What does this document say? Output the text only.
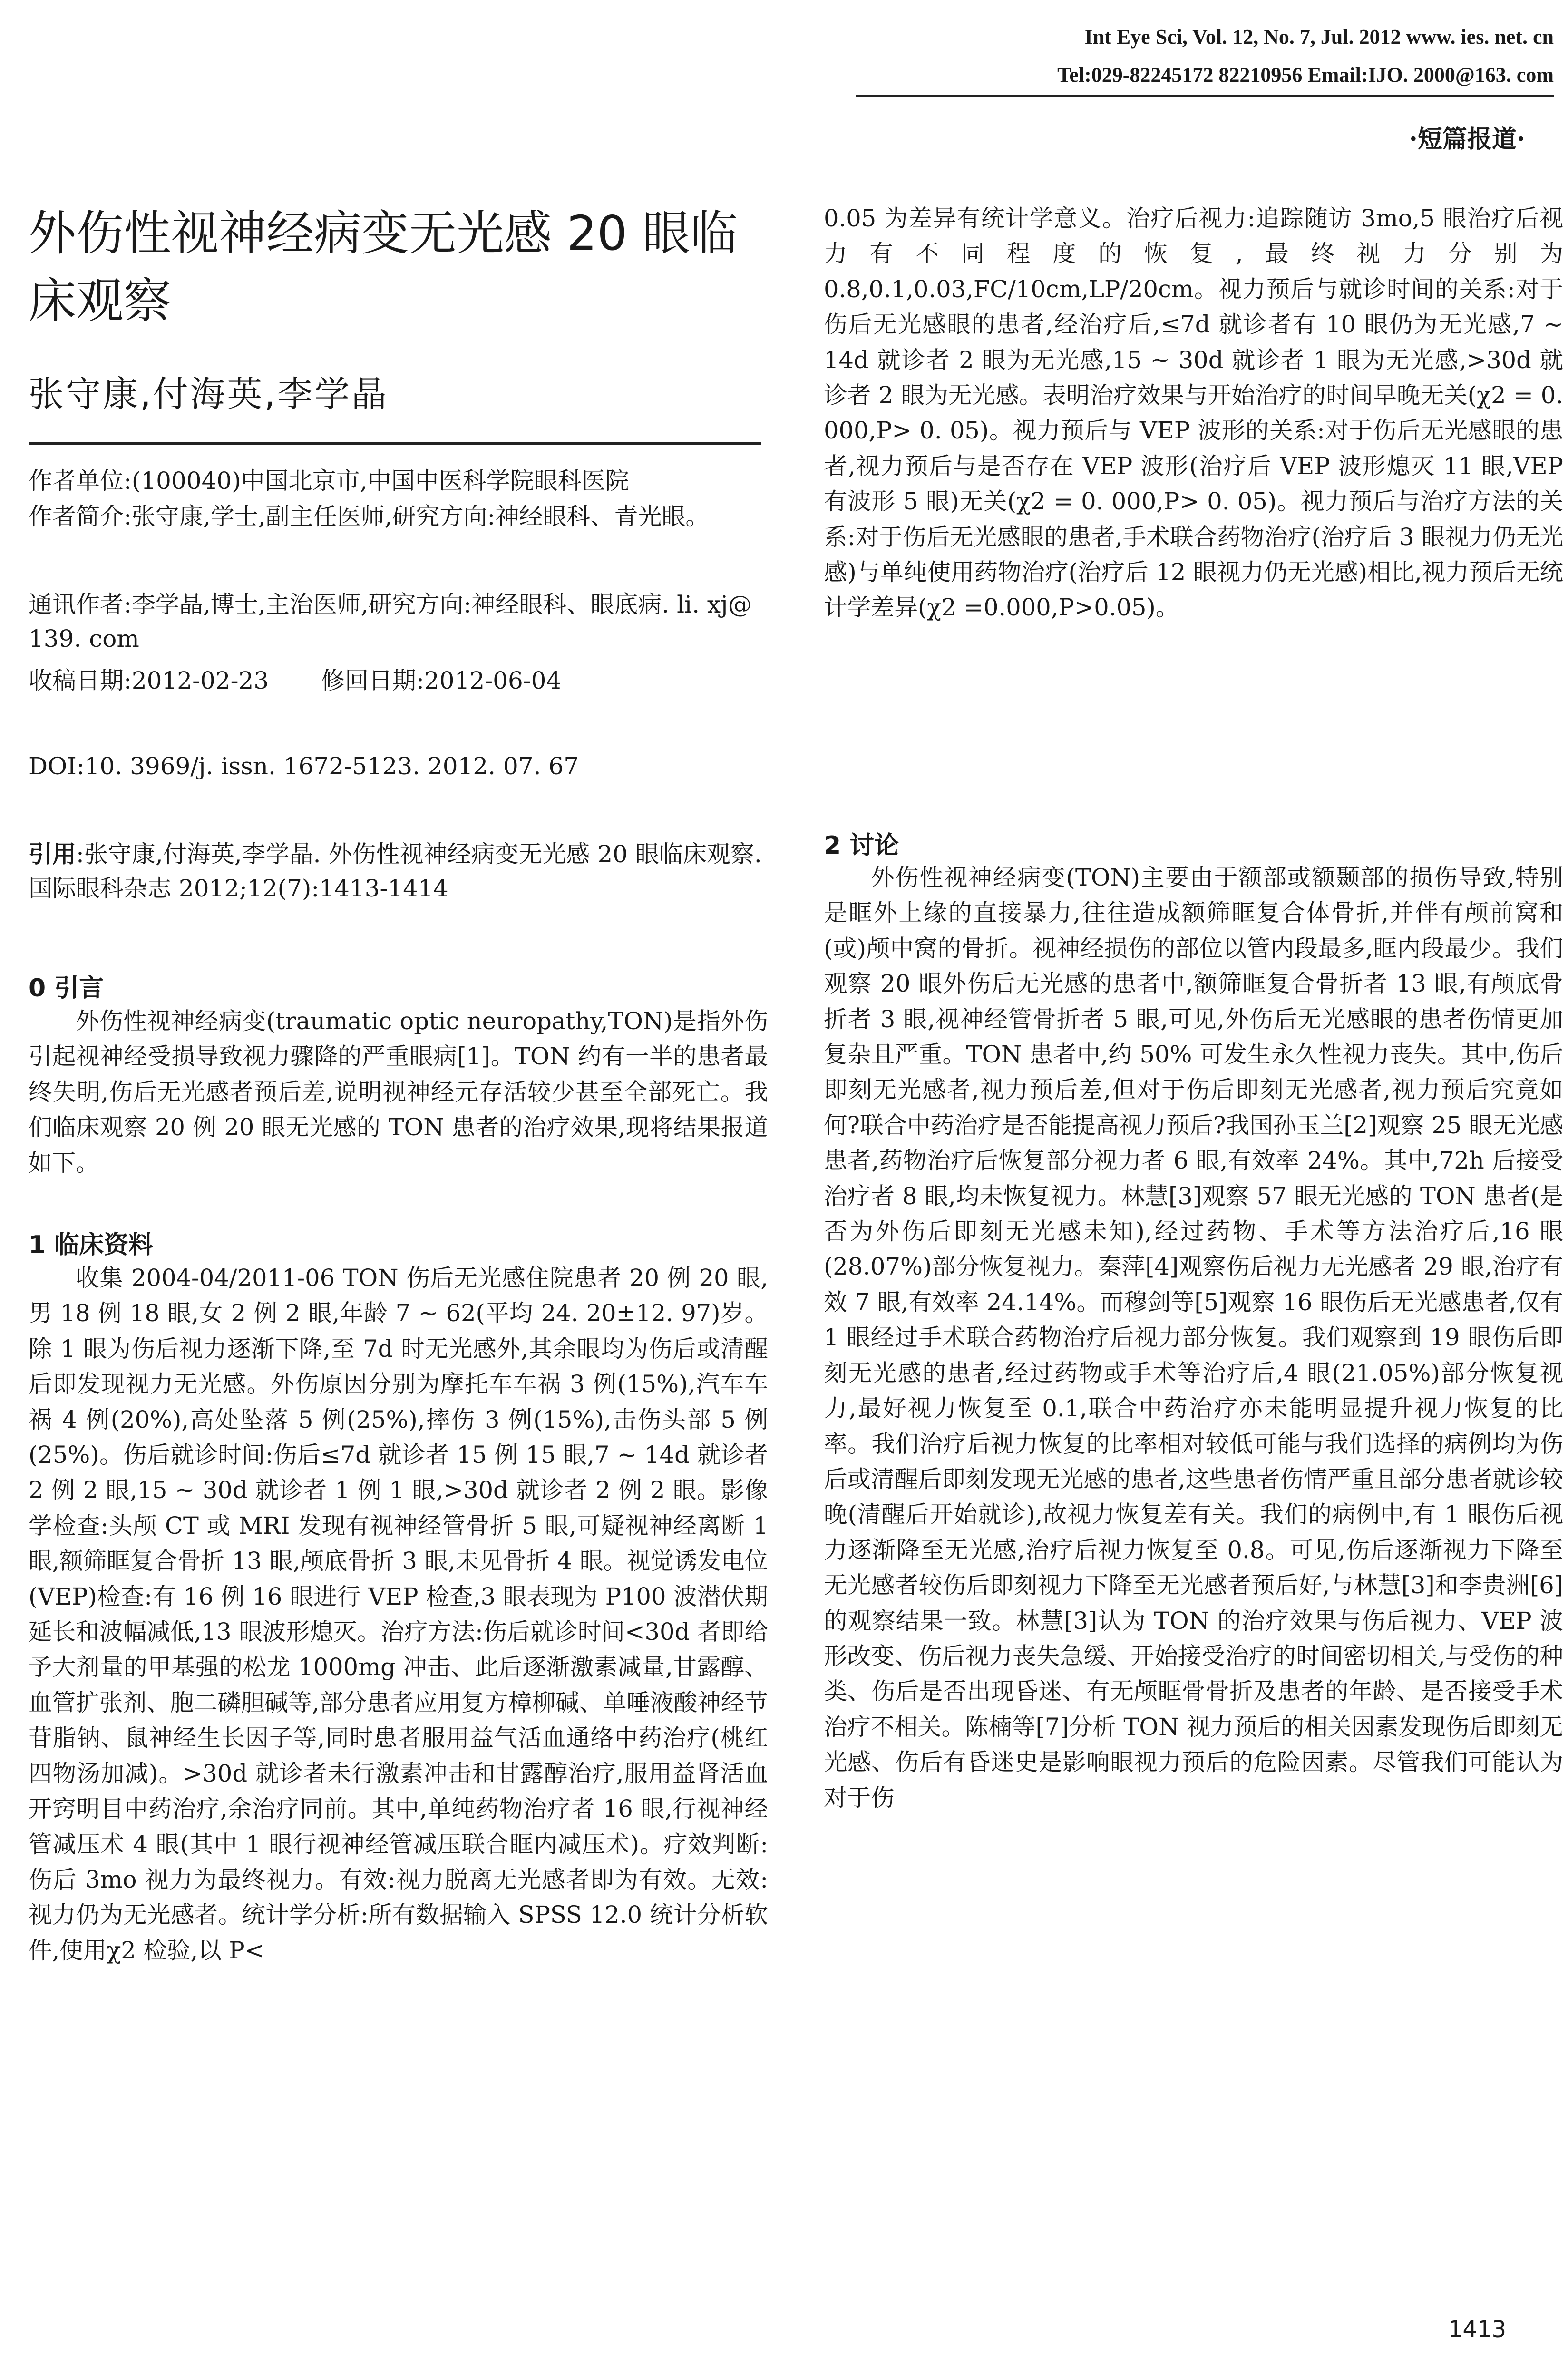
Int Eye Sci, Vol. 12, No. 7, Jul. 2012 www. ies. net. cn
Tel:029-82245172 82210956 Email:IJO. 2000@163. com
·短篇报道·
外伤性视神经病变无光感 20 眼临床观察
张守康,付海英,李学晶
作者单位:(100040)中国北京市,中国中医科学院眼科医院
作者简介:张守康,学士,副主任医师,研究方向:神经眼科、青光眼。
通讯作者:李学晶,博士,主治医师,研究方向:神经眼科、眼底病. li. xj@ 139. com
收稿日期:2012-02-23 修回日期:2012-06-04
DOI:10. 3969/j. issn. 1672-5123. 2012. 07. 67
引用:张守康,付海英,李学晶. 外伤性视神经病变无光感 20 眼临床观察. 国际眼科杂志 2012;12(7):1413-1414
0 引言
外伤性视神经病变(traumatic optic neuropathy,TON)是指外伤引起视神经受损导致视力骤降的严重眼病[1]。TON 约有一半的患者最终失明,伤后无光感者预后差,说明视神经元存活较少甚至全部死亡。我们临床观察 20 例 20 眼无光感的 TON 患者的治疗效果,现将结果报道如下。
1 临床资料
收集 2004-04/2011-06 TON 伤后无光感住院患者 20 例 20 眼,男 18 例 18 眼,女 2 例 2 眼,年龄 7 ~ 62(平均 24. 20±12. 97)岁。除 1 眼为伤后视力逐渐下降,至 7d 时无光感外,其余眼均为伤后或清醒后即发现视力无光感。外伤原因分别为摩托车车祸 3 例(15%),汽车车祸 4 例(20%),高处坠落 5 例(25%),摔伤 3 例(15%),击伤头部 5 例(25%)。伤后就诊时间:伤后≤7d 就诊者 15 例 15 眼,7 ~ 14d 就诊者 2 例 2 眼,15 ~ 30d 就诊者 1 例 1 眼,>30d 就诊者 2 例 2 眼。影像学检查:头颅 CT 或 MRI 发现有视神经管骨折 5 眼,可疑视神经离断 1 眼,额筛眶复合骨折 13 眼,颅底骨折 3 眼,未见骨折 4 眼。视觉诱发电位(VEP)检查:有 16 例 16 眼进行 VEP 检查,3 眼表现为 P100 波潜伏期延长和波幅减低,13 眼波形熄灭。治疗方法:伤后就诊时间<30d 者即给予大剂量的甲基强的松龙 1000mg 冲击、此后逐渐激素减量,甘露醇、血管扩张剂、胞二磷胆碱等,部分患者应用复方樟柳碱、单唾液酸神经节苷脂钠、鼠神经生长因子等,同时患者服用益气活血通络中药治疗(桃红四物汤加减)。>30d 就诊者未行激素冲击和甘露醇治疗,服用益肾活血开窍明目中药治疗,余治疗同前。其中,单纯药物治疗者 16 眼,行视神经管减压术 4 眼(其中 1 眼行视神经管减压联合眶内减压术)。疗效判断:伤后 3mo 视力为最终视力。有效:视力脱离无光感者即为有效。无效:视力仍为无光感者。统计学分析:所有数据输入 SPSS 12.0 统计分析软件,使用χ2 检验,以 P<
0.05 为差异有统计学意义。治疗后视力:追踪随访 3mo,5 眼治疗后视力有不同程度的恢复,最终视力分别为 0.8,0.1,0.03,FC/10cm,LP/20cm。视力预后与就诊时间的关系:对于伤后无光感眼的患者,经治疗后,≤7d 就诊者有 10 眼仍为无光感,7 ~ 14d 就诊者 2 眼为无光感,15 ~ 30d 就诊者 1 眼为无光感,>30d 就诊者 2 眼为无光感。表明治疗效果与开始治疗的时间早晚无关(χ2 = 0. 000,P> 0. 05)。视力预后与 VEP 波形的关系:对于伤后无光感眼的患者,视力预后与是否存在 VEP 波形(治疗后 VEP 波形熄灭 11 眼,VEP 有波形 5 眼)无关(χ2 = 0. 000,P> 0. 05)。视力预后与治疗方法的关系:对于伤后无光感眼的患者,手术联合药物治疗(治疗后 3 眼视力仍无光感)与单纯使用药物治疗(治疗后 12 眼视力仍无光感)相比,视力预后无统计学差异(χ2 =0.000,P>0.05)。
2 讨论
外伤性视神经病变(TON)主要由于额部或额颞部的损伤导致,特别是眶外上缘的直接暴力,往往造成额筛眶复合体骨折,并伴有颅前窝和(或)颅中窝的骨折。视神经损伤的部位以管内段最多,眶内段最少。我们观察 20 眼外伤后无光感的患者中,额筛眶复合骨折者 13 眼,有颅底骨折者 3 眼,视神经管骨折者 5 眼,可见,外伤后无光感眼的患者伤情更加复杂且严重。TON 患者中,约 50% 可发生永久性视力丧失。其中,伤后即刻无光感者,视力预后差,但对于伤后即刻无光感者,视力预后究竟如何?联合中药治疗是否能提高视力预后?我国孙玉兰[2]观察 25 眼无光感患者,药物治疗后恢复部分视力者 6 眼,有效率 24%。其中,72h 后接受治疗者 8 眼,均未恢复视力。林慧[3]观察 57 眼无光感的 TON 患者(是否为外伤后即刻无光感未知),经过药物、手术等方法治疗后,16 眼(28.07%)部分恢复视力。秦萍[4]观察伤后视力无光感者 29 眼,治疗有效 7 眼,有效率 24.14%。而穆剑等[5]观察 16 眼伤后无光感患者,仅有 1 眼经过手术联合药物治疗后视力部分恢复。我们观察到 19 眼伤后即刻无光感的患者,经过药物或手术等治疗后,4 眼(21.05%)部分恢复视力,最好视力恢复至 0.1,联合中药治疗亦未能明显提升视力恢复的比率。我们治疗后视力恢复的比率相对较低可能与我们选择的病例均为伤后或清醒后即刻发现无光感的患者,这些患者伤情严重且部分患者就诊较晚(清醒后开始就诊),故视力恢复差有关。我们的病例中,有 1 眼伤后视力逐渐降至无光感,治疗后视力恢复至 0.8。可见,伤后逐渐视力下降至无光感者较伤后即刻视力下降至无光感者预后好,与林慧[3]和李贵洲[6]的观察结果一致。林慧[3]认为 TON 的治疗效果与伤后视力、VEP 波形改变、伤后视力丧失急缓、开始接受治疗的时间密切相关,与受伤的种类、伤后是否出现昏迷、有无颅眶骨骨折及患者的年龄、是否接受手术治疗不相关。陈楠等[7]分析 TON 视力预后的相关因素发现伤后即刻无光感、伤后有昏迷史是影响眼视力预后的危险因素。尽管我们可能认为对于伤
1413
